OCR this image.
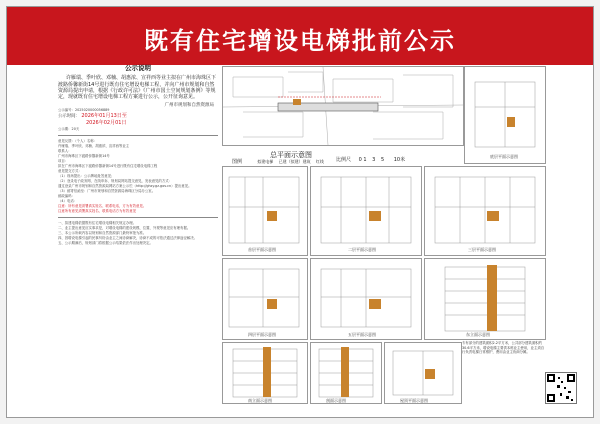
既有住宅增设电梯批前公示
公示说明
许雁瑞、季叶欣、邓楠、胡惠浓、宣祥西等业主拟在广州市海珠区下渡路侨馨新街14号进行既有住宅增设电梯工程，并向广州市规划和自然资源局提出申请，根据《行政许可法》《广州市国土空间规划条例》等规定，现就既有住宅增设电梯工程方案进行公示，公开征询意见。
广州市规划和自然资源局
公示编号：2025020000056889
公示时间： 2026年01月13日至
2026年02月01日
公示期：20天
意见反馈：（个人）名称：
许雁瑞、季叶欣、邓楠、胡惠浓、宣祥西等业主
联系人：
广州市海珠区下渡路侨馨新街14号
项目：
拟在广州市海珠区下渡路侨馨新街14号进行既有住宅增设电梯工程
意见提交方式：
（1）现场提出：公示牌地址签意见；
（2）登录电子政务网、在线申诉、规划局网站提交意见，发表意见的方式：
通过登录广州市规划和自然资源局网站方案公示栏（http://ghzy.gz.gov.cn）提出意见。
（3）邮寄信函至：广州市规划和自然资源局海珠区分局办公室。
邮政编码：
（4）电话：
注意：所有意见须署真实姓名、联系电话，方为有效意见。
注意所有意见须署真实姓名、联系电话方为有效意见
一、拟建电梯依据既有住宅增设电梯相关规定办理。
二、业主提出意见应实事求是，对增设电梯的建设规模、位置、外观等意见应有理有据。
三、本公示所载内容以规划和自然资源部门最终审批为准。
四、因增设电梯引起的民事纠纷由业主之间协商解决，协商不成的可依法通过法律途径解决。
五、公示期满后，规划部门将根据公示结果依法作出处理决定。
总平面示意图
图例	拟建电梯 已建（拟建）建筑 红线 比例尺 0 1 3 5 10米
底层平面示意图
首层平面示意图	二层平面示意图	三层平面示意图
四层平面示意图	五层平面示意图	东立面示意图
南立面示意图	剖面示意图	屋顶平面示意图
专有部分的建筑面积2.2平方米，公共部分建筑面积约30.6平方米，增设电梯主要供本栋业主使用，业主须自行负责电梯日常维护，费用由业主协商分摊。
